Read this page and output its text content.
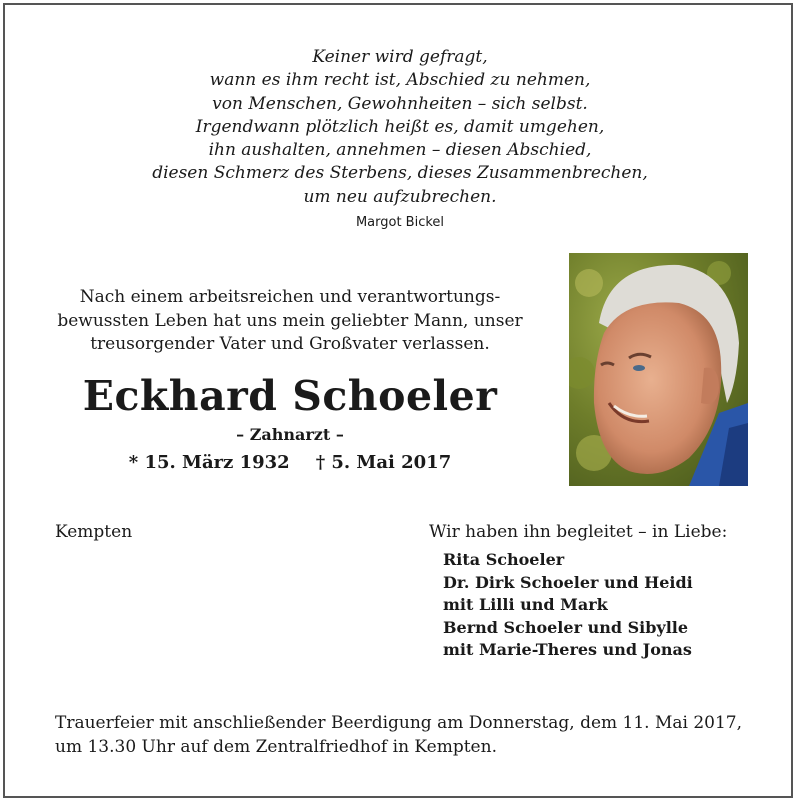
Keiner wird gefragt,
wann es ihm recht ist, Abschied zu nehmen,
von Menschen, Gewohnheiten – sich selbst.
Irgendwann plötzlich heißt es, damit umgehen,
ihn aushalten, annehmen – diesen Abschied,
diesen Schmerz des Sterbens, dieses Zusammenbrechen,
um neu aufzubrechen.
Margot Bickel
Nach einem arbeitsreichen und verantwortungs-
bewussten Leben hat uns mein geliebter Mann, unser
treusorgender Vater und Großvater verlassen.
Eckhard Schoeler
– Zahnarzt –
* 15. März 1932 † 5. Mai 2017
Kempten	Wir haben ihn begleitet – in Liebe:
Rita Schoeler
Dr. Dirk Schoeler und Heidi
mit Lilli und Mark
Bernd Schoeler und Sibylle
mit Marie-Theres und Jonas
Trauerfeier mit anschließender Beerdigung am Donnerstag, dem 11. Mai 2017,
um 13.30 Uhr auf dem Zentralfriedhof in Kempten.
